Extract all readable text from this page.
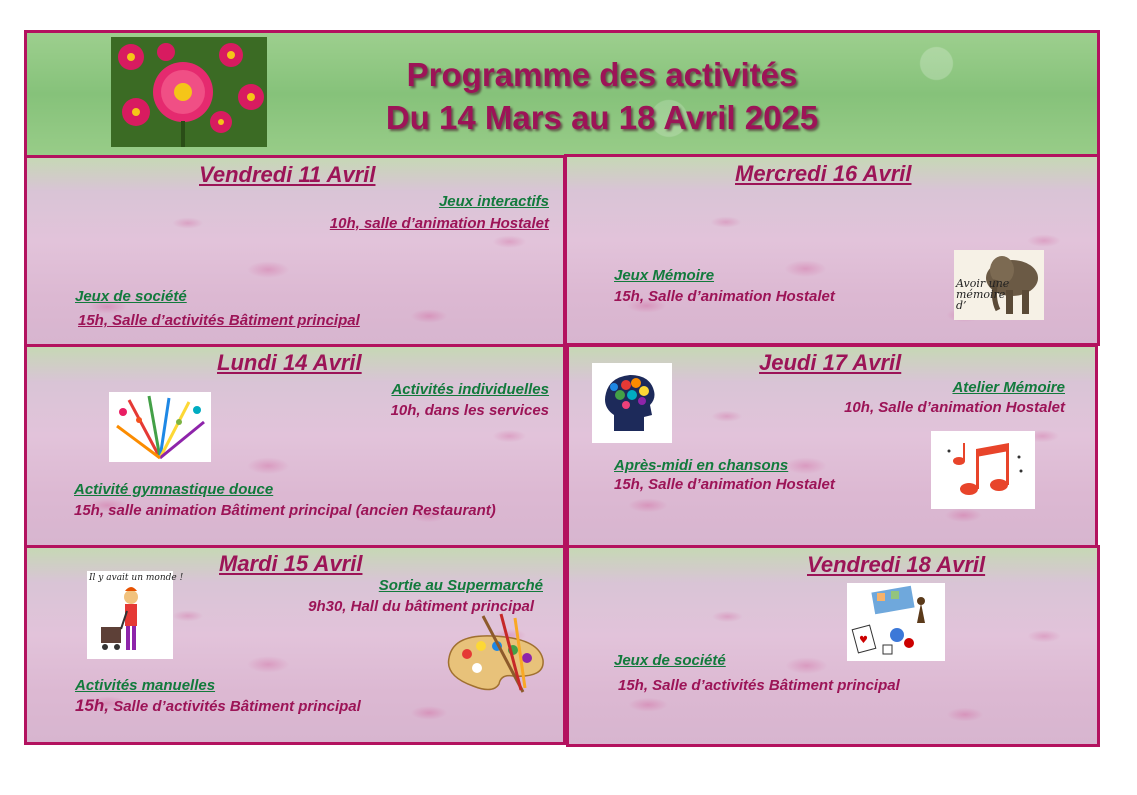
Programme des activités
Du 14 Mars au 18 Avril 2025
Vendredi 11 Avril
Jeux interactifs
10h, salle d’animation Hostalet
Jeux de société
15h, Salle d’activités Bâtiment principal
Mercredi 16 Avril
Jeux Mémoire
15h, Salle d’animation Hostalet
Avoir une mémoire d’
Lundi 14 Avril
Activités individuelles
10h, dans les services
Activité gymnastique douce
15h, salle animation Bâtiment principal (ancien Restaurant)
Jeudi 17 Avril
Atelier Mémoire
10h, Salle d’animation Hostalet
Après-midi en chansons
15h, Salle d’animation Hostalet
Mardi 15 Avril
Il y avait un monde !	Sortie au Supermarché
9h30, Hall du bâtiment principal
Activités manuelles
15h, Salle d’activités Bâtiment principal
Vendredi 18 Avril
♥
Jeux de société
15h, Salle d’activités Bâtiment principal
